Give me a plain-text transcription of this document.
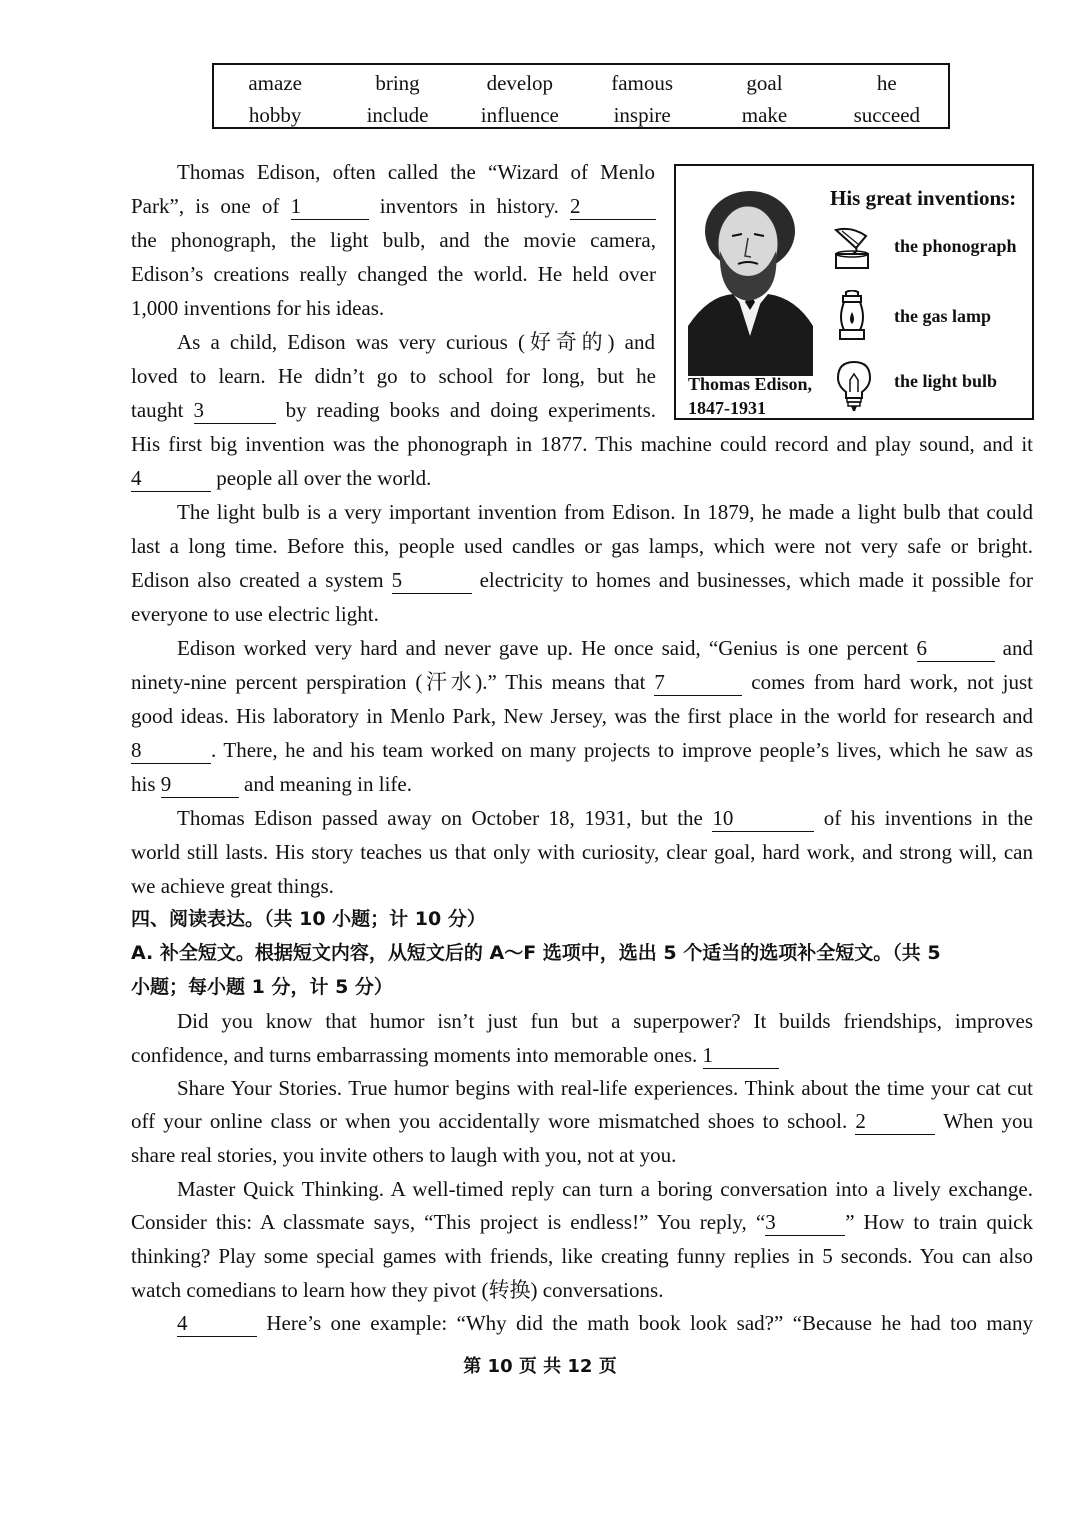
amaze	bring	develop	famous	goal	he
hobby	include	influence	inspire	make	succeed
Thomas Edison, often called the “Wizard of Menlo
Park”, is one of 1	inventors in history. 2
the phonograph, the light bulb, and the movie camera,
Edison’s creations really changed the world. He held over
1,000 inventions for his ideas.
As a child, Edison was very curious (好奇的) and
loved to learn. He didn’t go to school for long, but he
taught 3	by reading books and doing experiments.
His first big invention was the phonograph in 1877. This machine could record and play sound, and it
4	people all over the world.
The light bulb is a very important invention from Edison. In 1879, he made a light bulb that could
last a long time. Before this, people used candles or gas lamps, which were not very safe or bright.
Edison also created a system 5	electricity to homes and businesses, which made it possible for
everyone to use electric light.
Edison worked very hard and never gave up. He once said, “Genius is one percent 6	and
ninety-nine percent perspiration (汗水).” This means that 7	comes from hard work, not just
good ideas. His laboratory in Menlo Park, New Jersey, was the first place in the world for research and
8	. There, he and his team worked on many projects to improve people’s lives, which he saw as
his 9	and meaning in life.
Thomas Edison passed away on October 18, 1931, but the 10	of his inventions in the
world still lasts. His story teaches us that only with curiosity, clear goal, hard work, and strong will, can
we achieve great things.
Thomas Edison,
1847-1931
His great inventions:
the phonograph
the gas lamp
the light bulb
四、阅读表达。（共 10 小题；计 10 分）
A. 补全短文。根据短文内容，从短文后的 A～F 选项中，选出 5 个适当的选项补全短文。（共 5
小题；每小题 1 分，计 5 分）
Did you know that humor isn’t just fun but a superpower? It builds friendships, improves
confidence, and turns embarrassing moments into memorable ones. 1
Share Your Stories. True humor begins with real-life experiences. Think about the time your cat cut
off your online class or when you accidentally wore mismatched shoes to school. 2	When you
share real stories, you invite others to laugh with you, not at you.
Master Quick Thinking. A well-timed reply can turn a boring conversation into a lively exchange.
Consider this: A classmate says, “This project is endless!” You reply, “3	” How to train quick
thinking? Play some special games with friends, like creating funny replies in 5 seconds. You can also
watch comedians to learn how they pivot (转换) conversations.
4	Here’s one example: “Why did the math book look sad?” “Because he had too many
第 10 页 共 12 页
